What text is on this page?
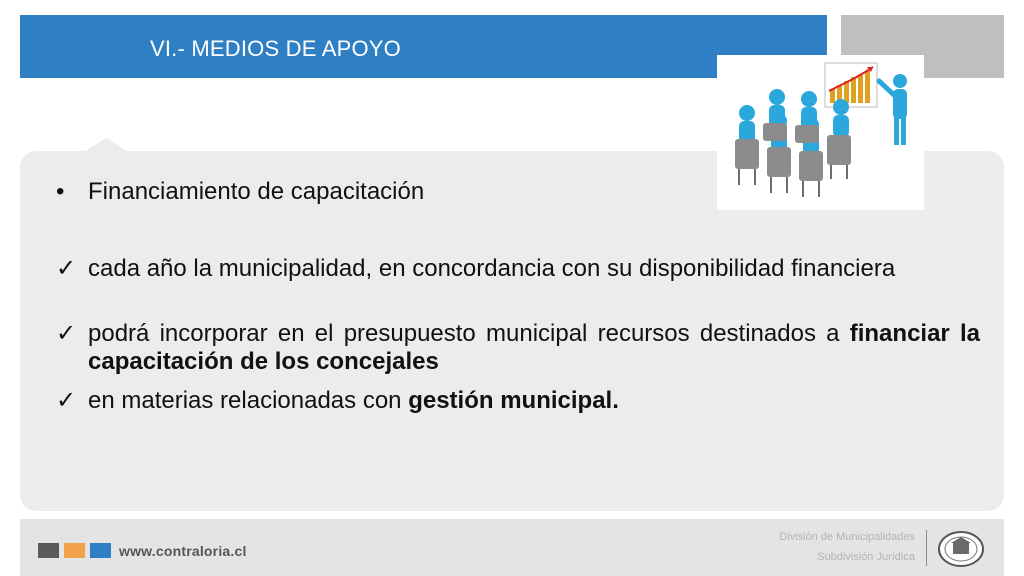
VI.- MEDIOS DE APOYO
• Financiamiento de capacitación
✓ cada año la municipalidad, en concordancia con su disponibilidad financiera
✓ podrá incorporar en el presupuesto municipal recursos destinados a financiar la capacitación de los concejales
✓ en materias relacionadas con gestión municipal.
www.contraloria.cl
División de Municipalidades
Subdivisión Jurídica
